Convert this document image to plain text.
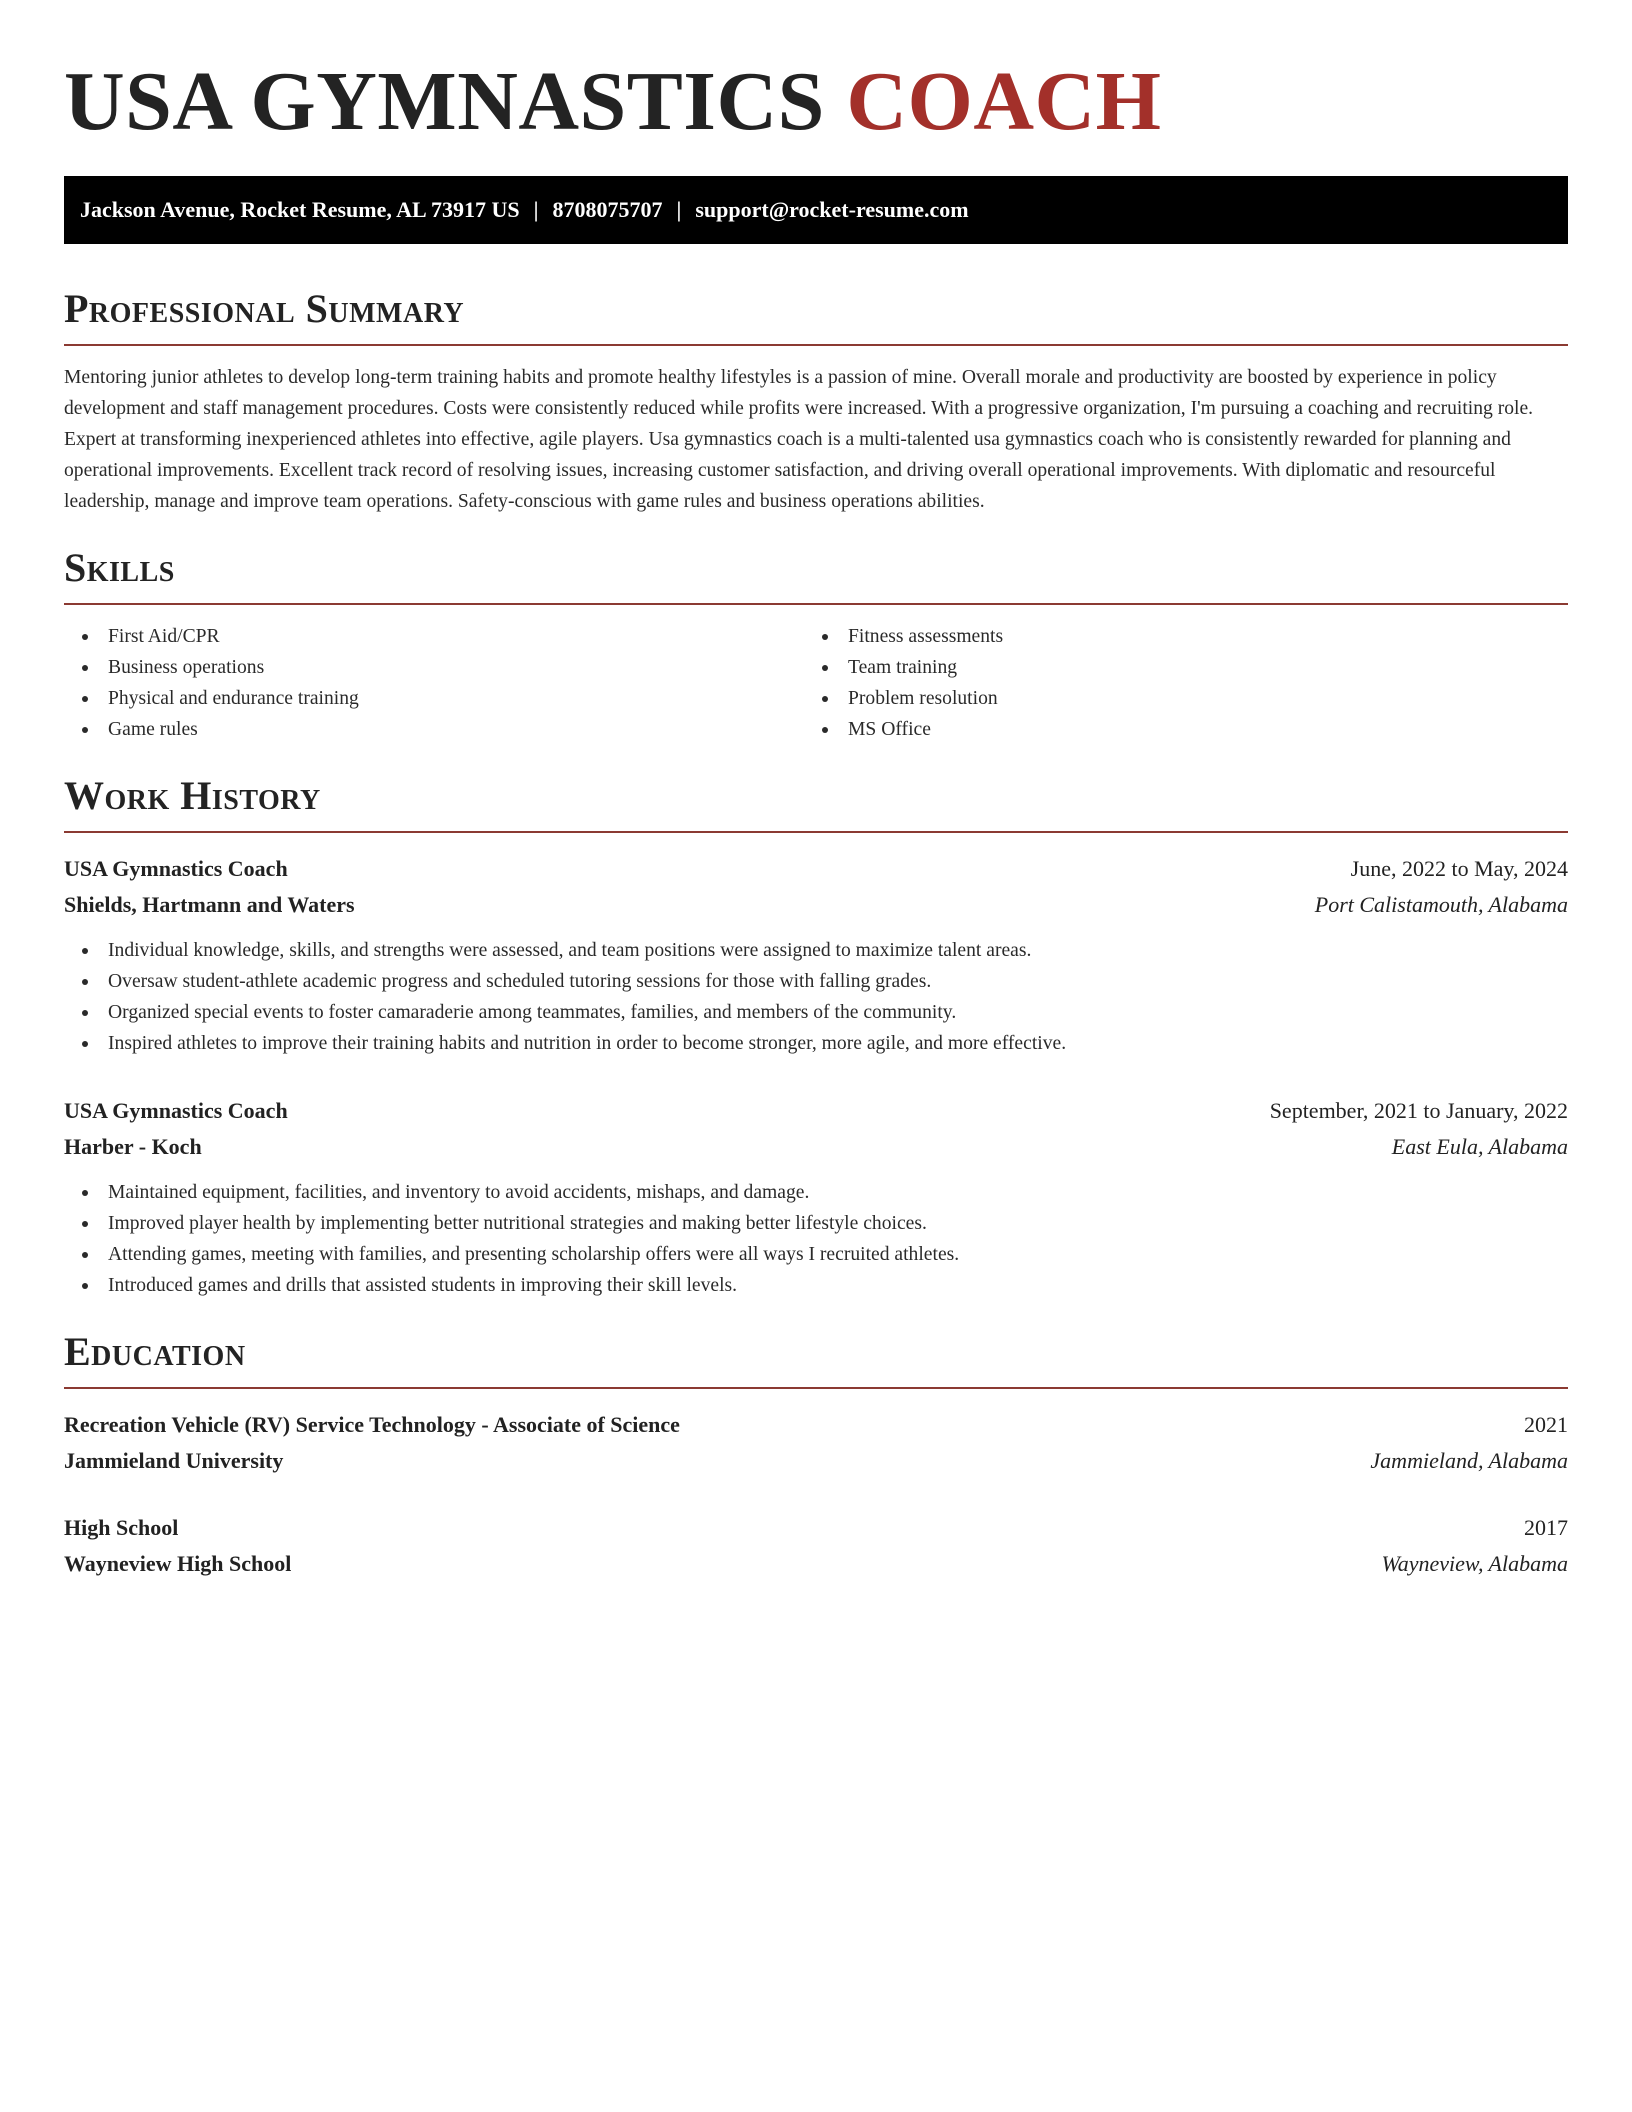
USA GYMNASTICS COACH
Jackson Avenue, Rocket Resume, AL 73917 US | 8708075707 | support@rocket-resume.com
Professional Summary

Mentoring junior athletes to develop long-term training habits and promote healthy lifestyles is a passion of mine. Overall morale and productivity are boosted by experience in policy development and staff management procedures. Costs were consistently reduced while profits were increased. With a progressive organization, I'm pursuing a coaching and recruiting role. Expert at transforming inexperienced athletes into effective, agile players. Usa gymnastics coach is a multi-talented usa gymnastics coach who is consistently rewarded for planning and operational improvements. Excellent track record of resolving issues, increasing customer satisfaction, and driving overall operational improvements. With diplomatic and resourceful leadership, manage and improve team operations. Safety-conscious with game rules and business operations abilities.

Skills
First Aid/CPR
Business operations
Physical and endurance training
Game rules
Fitness assessments
Team training
Problem resolution
MS Office
Work History
USA Gymnastics Coach	June, 2022 to May, 2024
Shields, Hartmann and Waters	Port Calistamouth, Alabama
Individual knowledge, skills, and strengths were assessed, and team positions were assigned to maximize talent areas.
Oversaw student-athlete academic progress and scheduled tutoring sessions for those with falling grades.
Organized special events to foster camaraderie among teammates, families, and members of the community.
Inspired athletes to improve their training habits and nutrition in order to become stronger, more agile, and more effective.
USA Gymnastics Coach	September, 2021 to January, 2022
Harber - Koch	East Eula, Alabama
Maintained equipment, facilities, and inventory to avoid accidents, mishaps, and damage.
Improved player health by implementing better nutritional strategies and making better lifestyle choices.
Attending games, meeting with families, and presenting scholarship offers were all ways I recruited athletes.
Introduced games and drills that assisted students in improving their skill levels.
Education
Recreation Vehicle (RV) Service Technology - Associate of Science	2021
Jammieland University	Jammieland, Alabama
High School	2017
Wayneview High School	Wayneview, Alabama
